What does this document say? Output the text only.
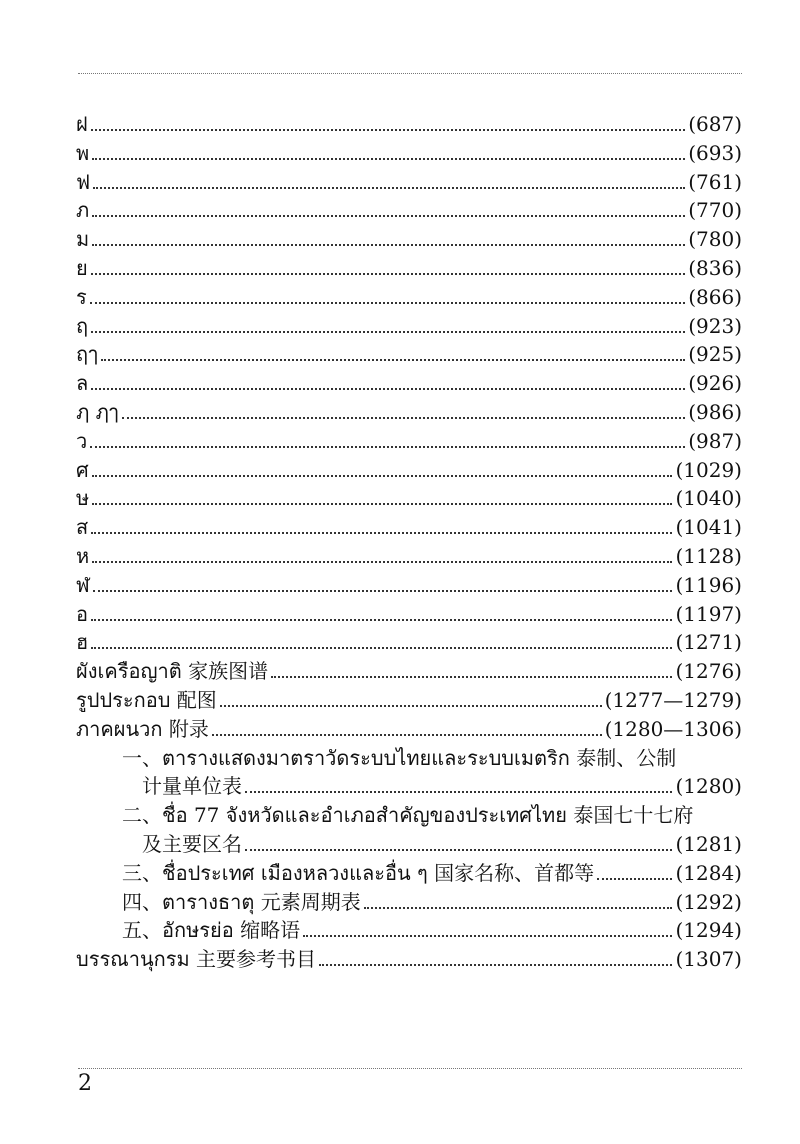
ฝ	(687)
พ	(693)
ฟ	(761)
ภ	(770)
ม	(780)
ย	(836)
ร	(866)
ฤ	(923)
ฤๅ	(925)
ล	(926)
ฦ ฦๅ	(986)
ว	(987)
ศ	(1029)
ษ	(1040)
ส	(1041)
ห	(1128)
ฬ	(1196)
อ	(1197)
ฮ	(1271)
ผังเครือญาติ 家族图谱	(1276)
รูปประกอบ 配图	(1277—1279)
ภาคผนวก 附录	(1280—1306)
一、ตารางแสดงมาตราวัดระบบไทยและระบบเมตริก 泰制、公制
计量单位表	(1280)
二、ชื่อ 77 จังหวัดและอำเภอสำคัญของประเทศไทย 泰国七十七府
及主要区名	(1281)
三、ชื่อประเทศ เมืองหลวงและอื่น ๆ 国家名称、首都等	(1284)
四、ตารางธาตุ 元素周期表	(1292)
五、อักษรย่อ 缩略语	(1294)
บรรณานุกรม 主要参考书目	(1307)
2
